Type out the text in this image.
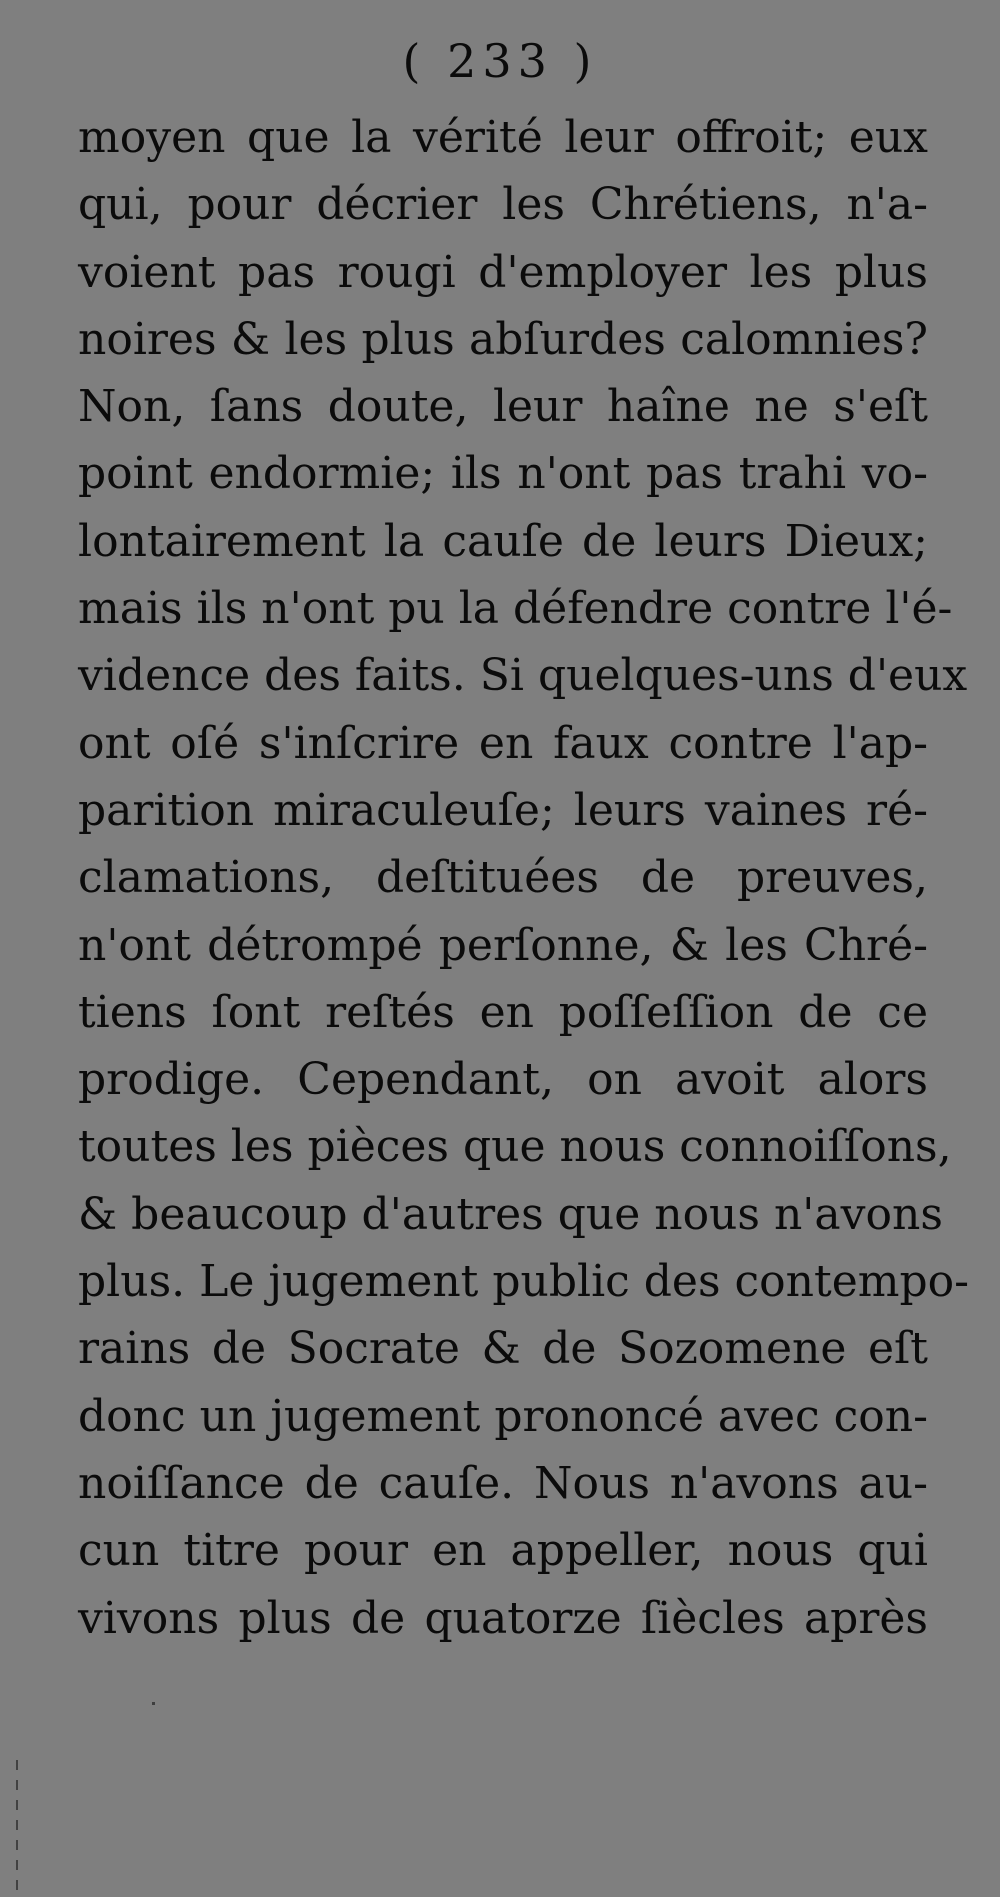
( 233 )
moyen que la vérité leur offroit; eux
qui, pour décrier les Chrétiens, n'a-
voient pas rougi d'employer les plus
noires & les plus abſurdes calomnies?
Non, ſans doute, leur haîne ne s'eſt
point endormie; ils n'ont pas trahi vo-
lontairement la cauſe de leurs Dieux;
mais ils n'ont pu la défendre contre l'é-
vidence des faits. Si quelques-uns d'eux
ont oſé s'inſcrire en faux contre l'ap-
parition miraculeuſe; leurs vaines ré-
clamations, deſtituées de preuves,
n'ont détrompé perſonne, & les Chré-
tiens ſont reſtés en poſſeſſion de ce
prodige. Cependant, on avoit alors
toutes les pièces que nous connoiſſons,
& beaucoup d'autres que nous n'avons
plus. Le jugement public des contempo-
rains de Socrate & de Sozomene eſt
donc un jugement prononcé avec con-
noiſſance de cauſe. Nous n'avons au-
cun titre pour en appeller, nous qui
vivons plus de quatorze ſiècles après
